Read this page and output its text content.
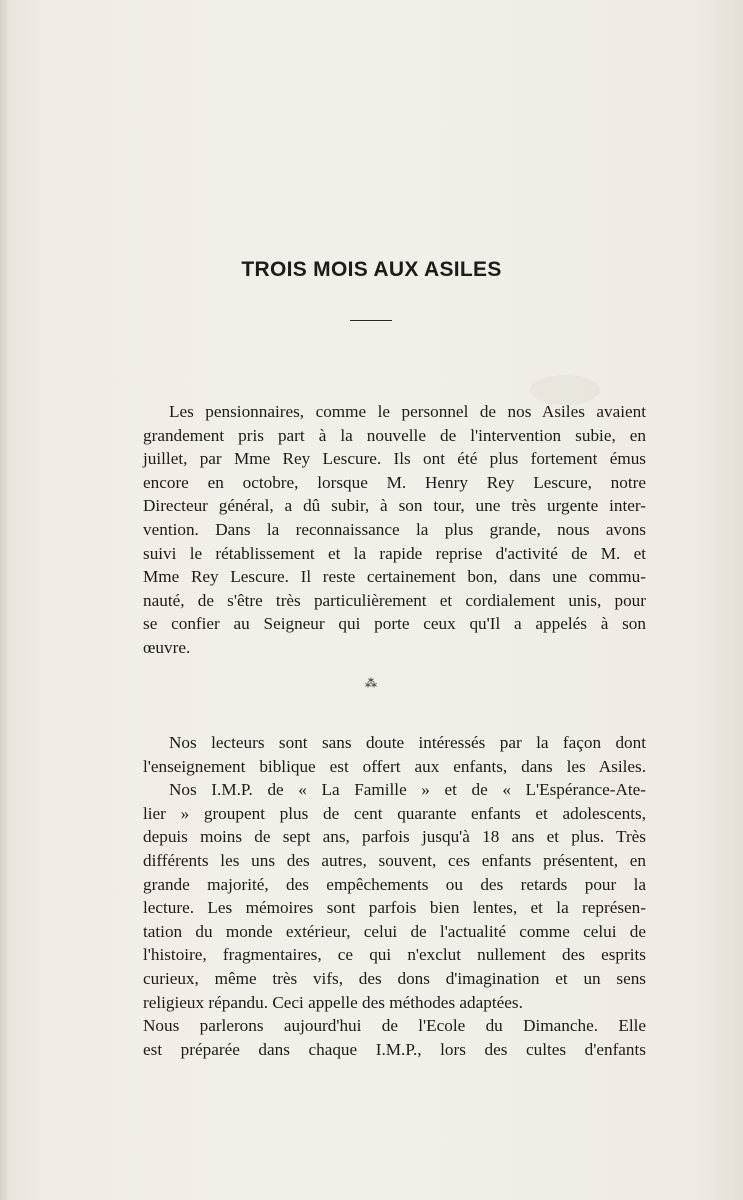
TROIS MOIS AUX ASILES
Les pensionnaires, comme le personnel de nos Asiles avaient
grandement pris part à la nouvelle de l'intervention subie, en
juillet, par Mme Rey Lescure. Ils ont été plus fortement émus
encore en octobre, lorsque M. Henry Rey Lescure, notre
Directeur général, a dû subir, à son tour, une très urgente inter-
vention. Dans la reconnaissance la plus grande, nous avons
suivi le rétablissement et la rapide reprise d'activité de M. et
Mme Rey Lescure. Il reste certainement bon, dans une commu-
nauté, de s'être très particulièrement et cordialement unis, pour
se confier au Seigneur qui porte ceux qu'Il a appelés à son
œuvre.
⁂
Nos lecteurs sont sans doute intéressés par la façon dont
l'enseignement biblique est offert aux enfants, dans les Asiles.
Nos I.M.P. de « La Famille » et de « L'Espérance-Ate-
lier » groupent plus de cent quarante enfants et adolescents,
depuis moins de sept ans, parfois jusqu'à 18 ans et plus. Très
différents les uns des autres, souvent, ces enfants présentent, en
grande majorité, des empêchements ou des retards pour la
lecture. Les mémoires sont parfois bien lentes, et la représen-
tation du monde extérieur, celui de l'actualité comme celui de
l'histoire, fragmentaires, ce qui n'exclut nullement des esprits
curieux, même très vifs, des dons d'imagination et un sens
religieux répandu. Ceci appelle des méthodes adaptées.
Nous parlerons aujourd'hui de l'Ecole du Dimanche. Elle
est préparée dans chaque I.M.P., lors des cultes d'enfants
